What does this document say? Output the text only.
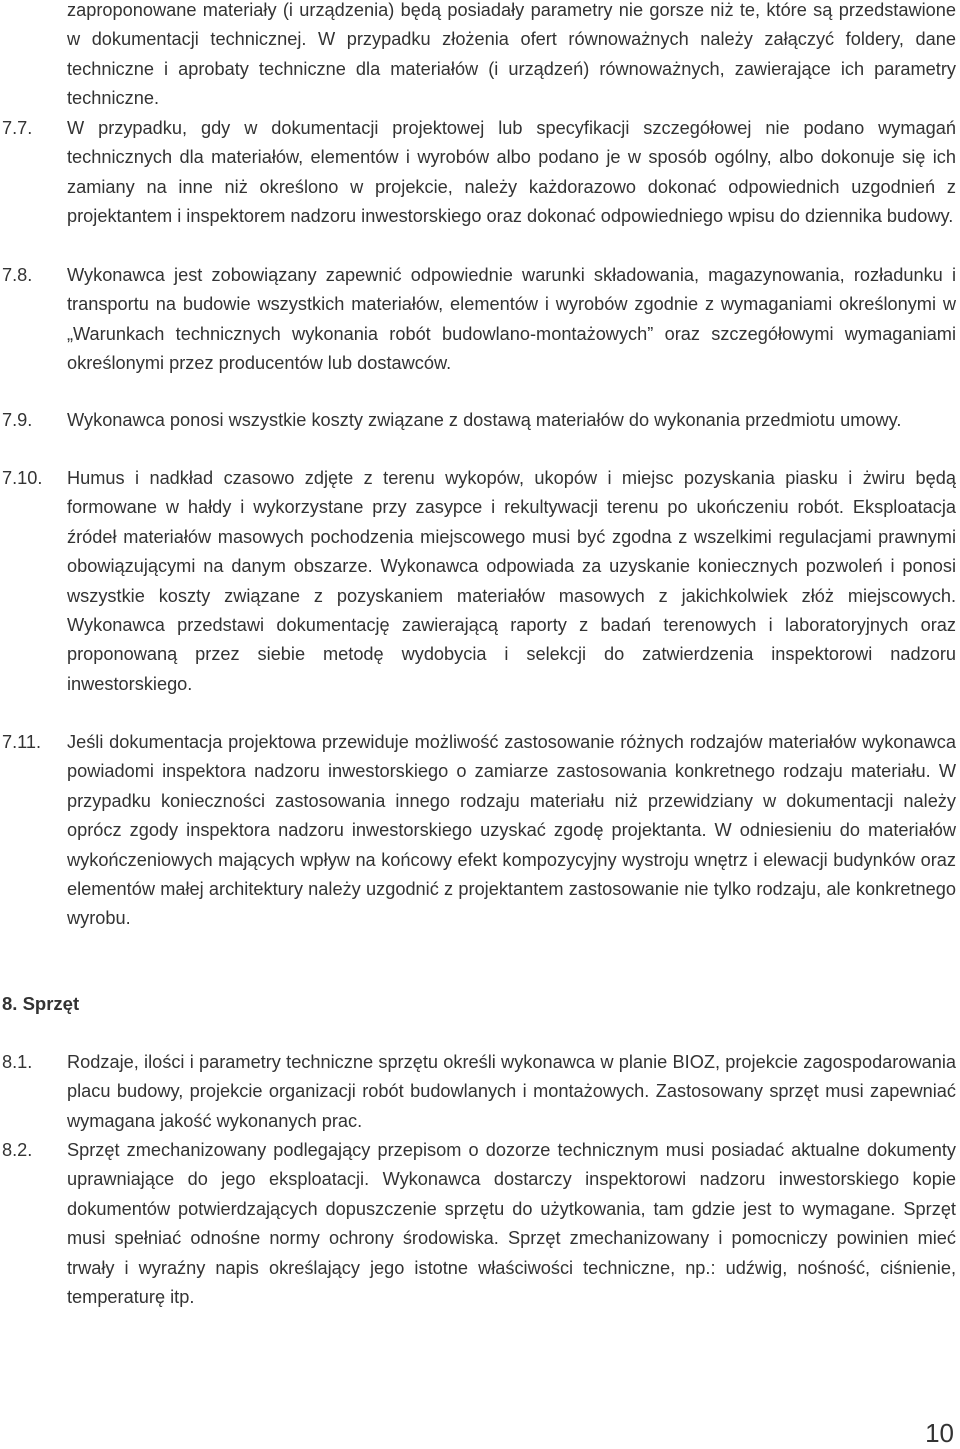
zaproponowane materiały (i urządzenia) będą posiadały parametry nie gorsze niż te, które są przedstawione w dokumentacji technicznej. W przypadku złożenia ofert równoważnych należy załączyć foldery, dane techniczne i aprobaty techniczne dla materiałów (i urządzeń) równoważnych, zawierające ich parametry techniczne.
7.7. W przypadku, gdy w dokumentacji projektowej lub specyfikacji szczegółowej nie podano wymagań technicznych dla materiałów, elementów i wyrobów albo podano je w sposób ogólny, albo dokonuje się ich zamiany na inne niż określono w projekcie, należy każdorazowo dokonać odpowiednich uzgodnień z projektantem i inspektorem nadzoru inwestorskiego oraz dokonać odpowiedniego wpisu do dziennika budowy.
7.8. Wykonawca jest zobowiązany zapewnić odpowiednie warunki składowania, magazynowania, rozładunku i transportu na budowie wszystkich materiałów, elementów i wyrobów zgodnie z wymaganiami określonymi w „Warunkach technicznych wykonania robót budowlano-montażowych” oraz szczegółowymi wymaganiami określonymi przez producentów lub dostawców.
7.9. Wykonawca ponosi wszystkie koszty związane z dostawą materiałów do wykonania przedmiotu umowy.
7.10. Humus i nadkład czasowo zdjęte z terenu wykopów, ukopów i miejsc pozyskania piasku i żwiru będą formowane w hałdy i wykorzystane przy zasypce i rekultywacji terenu po ukończeniu robót. Eksploatacja źródeł materiałów masowych pochodzenia miejscowego musi być zgodna z wszelkimi regulacjami prawnymi obowiązującymi na danym obszarze. Wykonawca odpowiada za uzyskanie koniecznych pozwoleń i ponosi wszystkie koszty związane z pozyskaniem materiałów masowych z jakichkolwiek złóż miejscowych. Wykonawca przedstawi dokumentację zawierającą raporty z badań terenowych i laboratoryjnych oraz proponowaną przez siebie metodę wydobycia i selekcji do zatwierdzenia inspektorowi nadzoru inwestorskiego.
7.11. Jeśli dokumentacja projektowa przewiduje możliwość zastosowanie różnych rodzajów materiałów wykonawca powiadomi inspektora nadzoru inwestorskiego o zamiarze zastosowania konkretnego rodzaju materiału. W przypadku konieczności zastosowania innego rodzaju materiału niż przewidziany w dokumentacji należy oprócz zgody inspektora nadzoru inwestorskiego uzyskać zgodę projektanta. W odniesieniu do materiałów wykończeniowych mających wpływ na końcowy efekt kompozycyjny wystroju wnętrz i elewacji budynków oraz elementów małej architektury należy uzgodnić z projektantem zastosowanie nie tylko rodzaju, ale konkretnego wyrobu.
8. Sprzęt
8.1. Rodzaje, ilości i parametry techniczne sprzętu określi wykonawca w planie BIOZ, projekcie zagospodarowania placu budowy, projekcie organizacji robót budowlanych i montażowych. Zastosowany sprzęt musi zapewniać wymagana jakość wykonanych prac.
8.2. Sprzęt zmechanizowany podlegający przepisom o dozorze technicznym musi posiadać aktualne dokumenty uprawniające do jego eksploatacji. Wykonawca dostarczy inspektorowi nadzoru inwestorskiego kopie dokumentów potwierdzających dopuszczenie sprzętu do użytkowania, tam gdzie jest to wymagane. Sprzęt musi spełniać odnośne normy ochrony środowiska. Sprzęt zmechanizowany i pomocniczy powinien mieć trwały i wyraźny napis określający jego istotne właściwości techniczne, np.: udźwig, nośność, ciśnienie, temperaturę itp.
10
